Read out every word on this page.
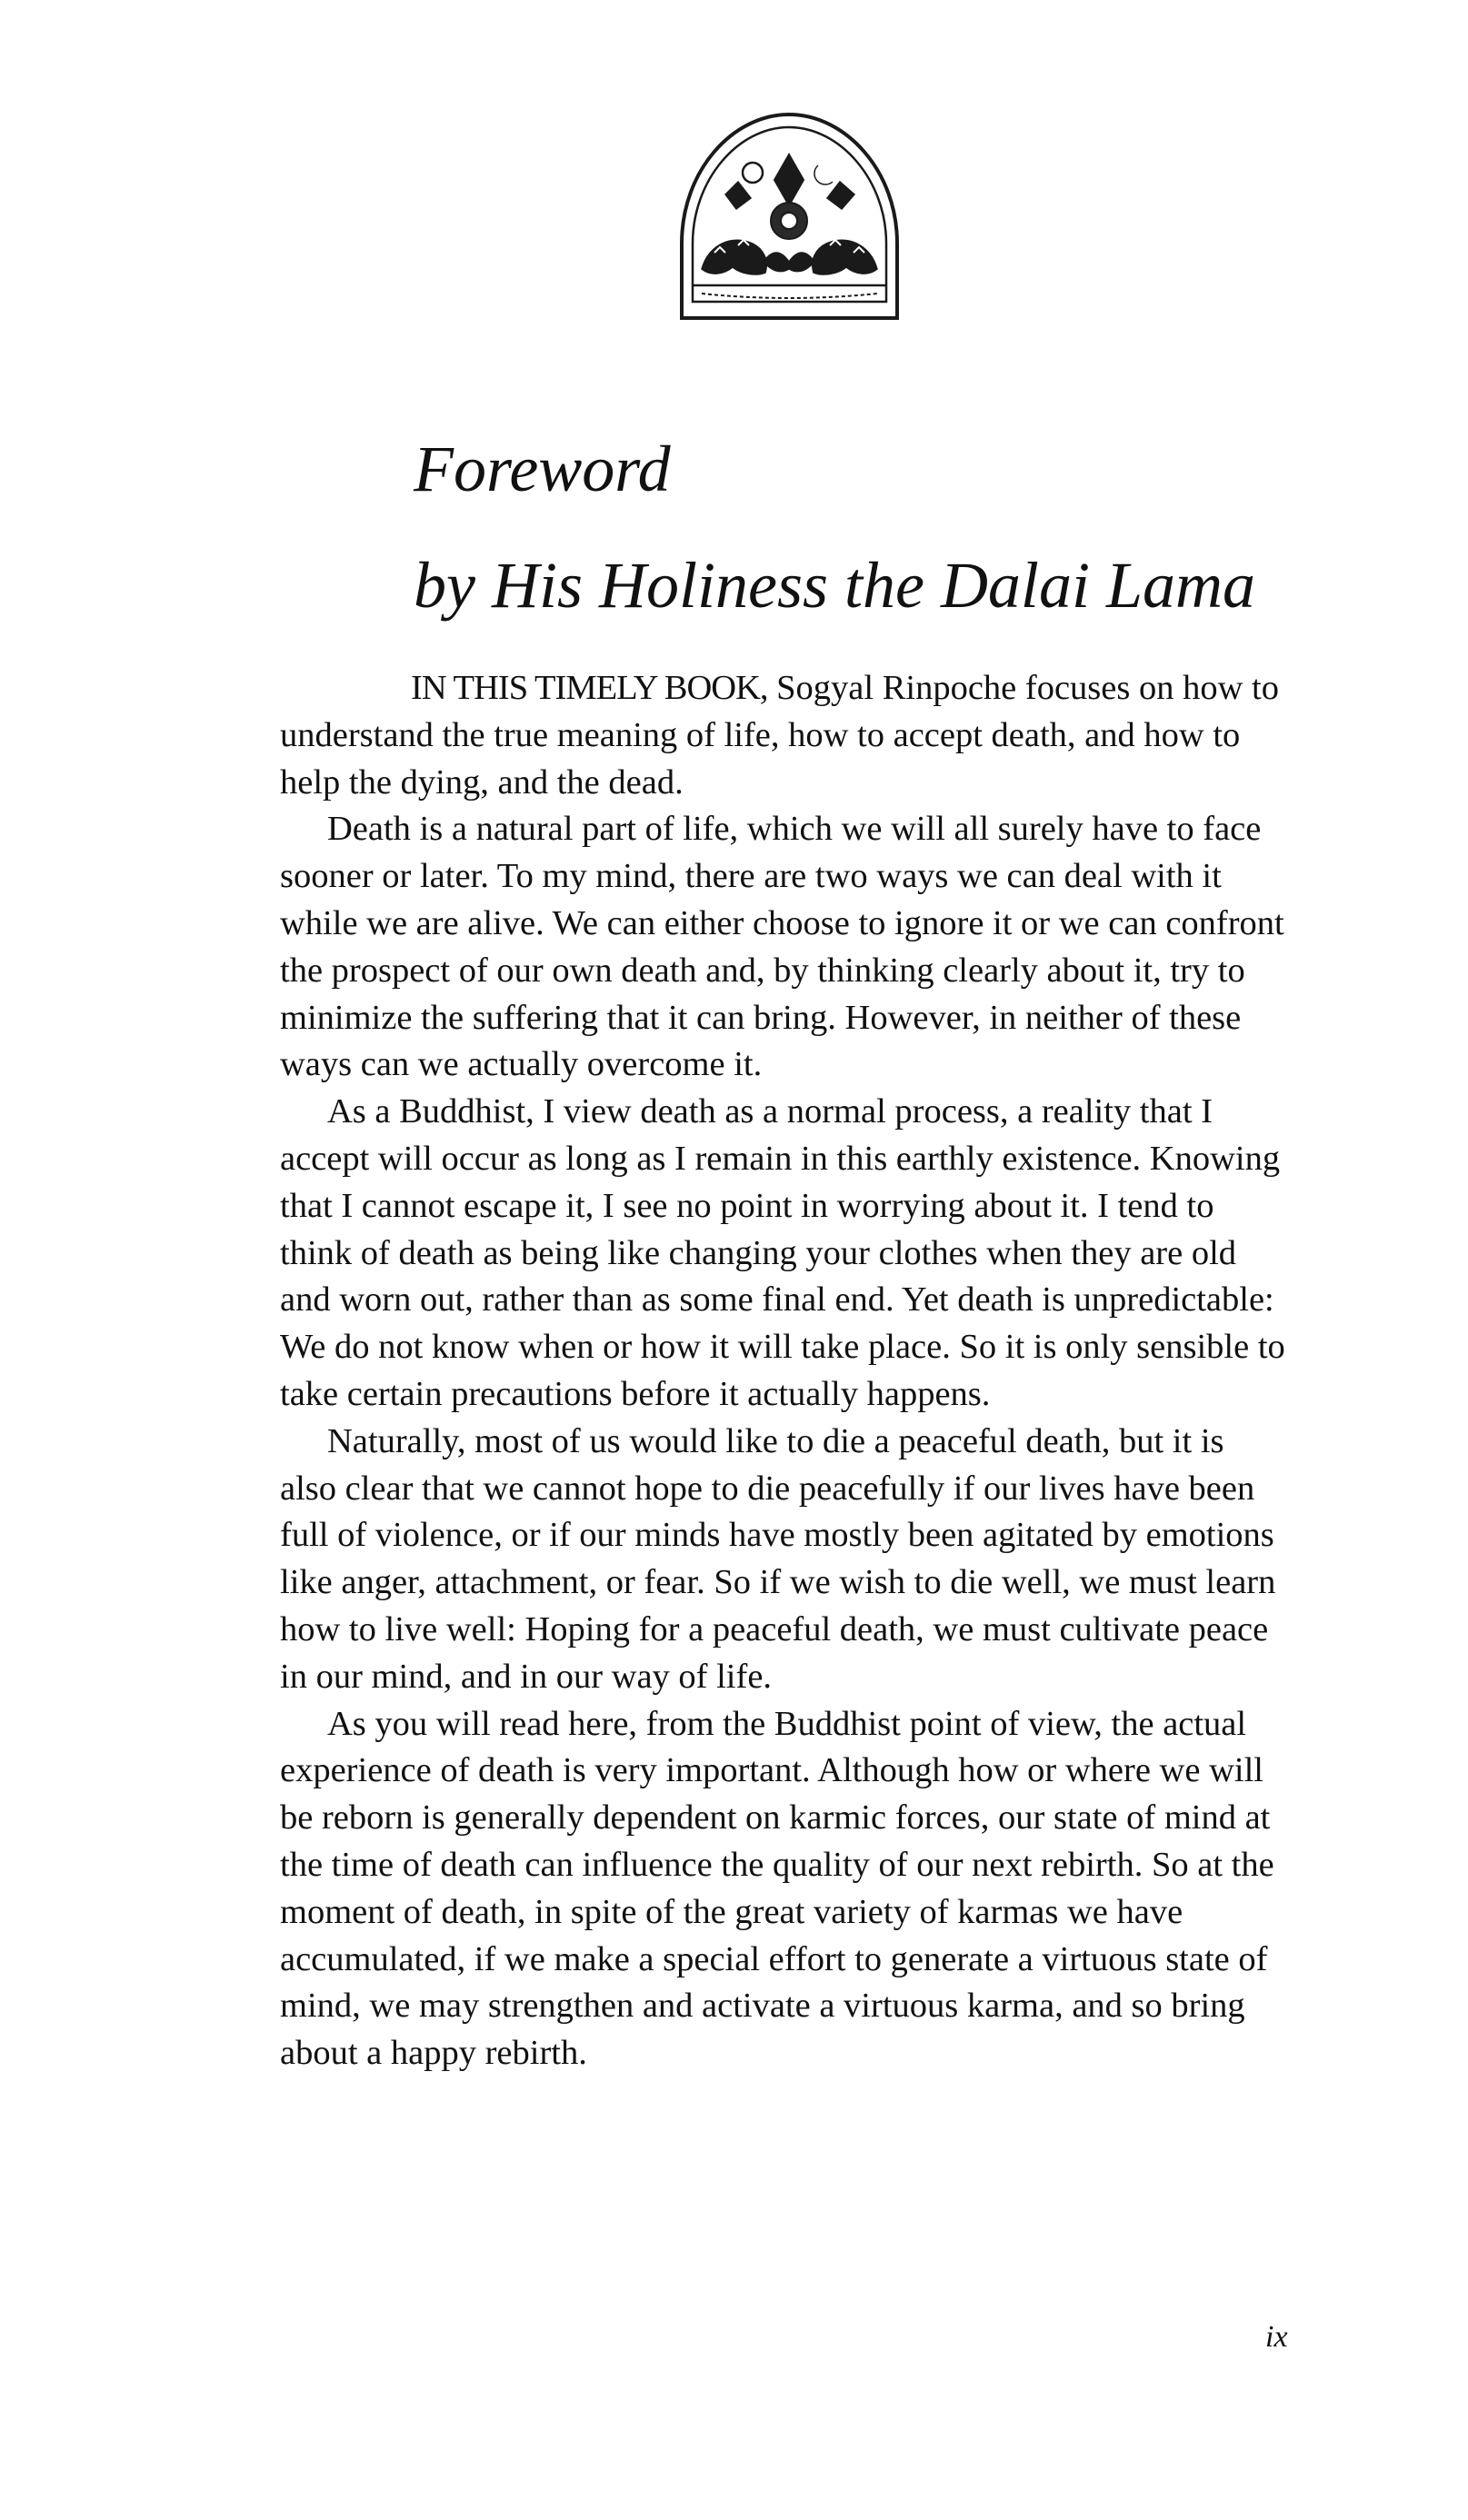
Foreword
by His Holiness the Dalai Lama

IN THIS TIMELY BOOK, Sogyal Rinpoche focuses on how to understand the true meaning of life, how to accept death, and how to help the dying, and the dead.

Death is a natural part of life, which we will all surely have to face sooner or later. To my mind, there are two ways we can deal with it while we are alive. We can either choose to ignore it or we can confront the prospect of our own death and, by thinking clearly about it, try to minimize the suffering that it can bring. However, in neither of these ways can we actually overcome it.

As a Buddhist, I view death as a normal process, a reality that I accept will occur as long as I remain in this earthly existence. Knowing that I cannot escape it, I see no point in worrying about it. I tend to think of death as being like changing your clothes when they are old and worn out, rather than as some final end. Yet death is unpredictable: We do not know when or how it will take place. So it is only sensible to take certain precautions before it actually happens.

Naturally, most of us would like to die a peaceful death, but it is also clear that we cannot hope to die peacefully if our lives have been full of violence, or if our minds have mostly been agitated by emotions like anger, attachment, or fear. So if we wish to die well, we must learn how to live well: Hoping for a peaceful death, we must cultivate peace in our mind, and in our way of life.

As you will read here, from the Buddhist point of view, the actual experience of death is very important. Although how or where we will be reborn is generally dependent on karmic forces, our state of mind at the time of death can influence the quality of our next rebirth. So at the moment of death, in spite of the great variety of karmas we have accumulated, if we make a special effort to generate a virtuous state of mind, we may strengthen and activate a virtuous karma, and so bring about a happy rebirth.

ix
